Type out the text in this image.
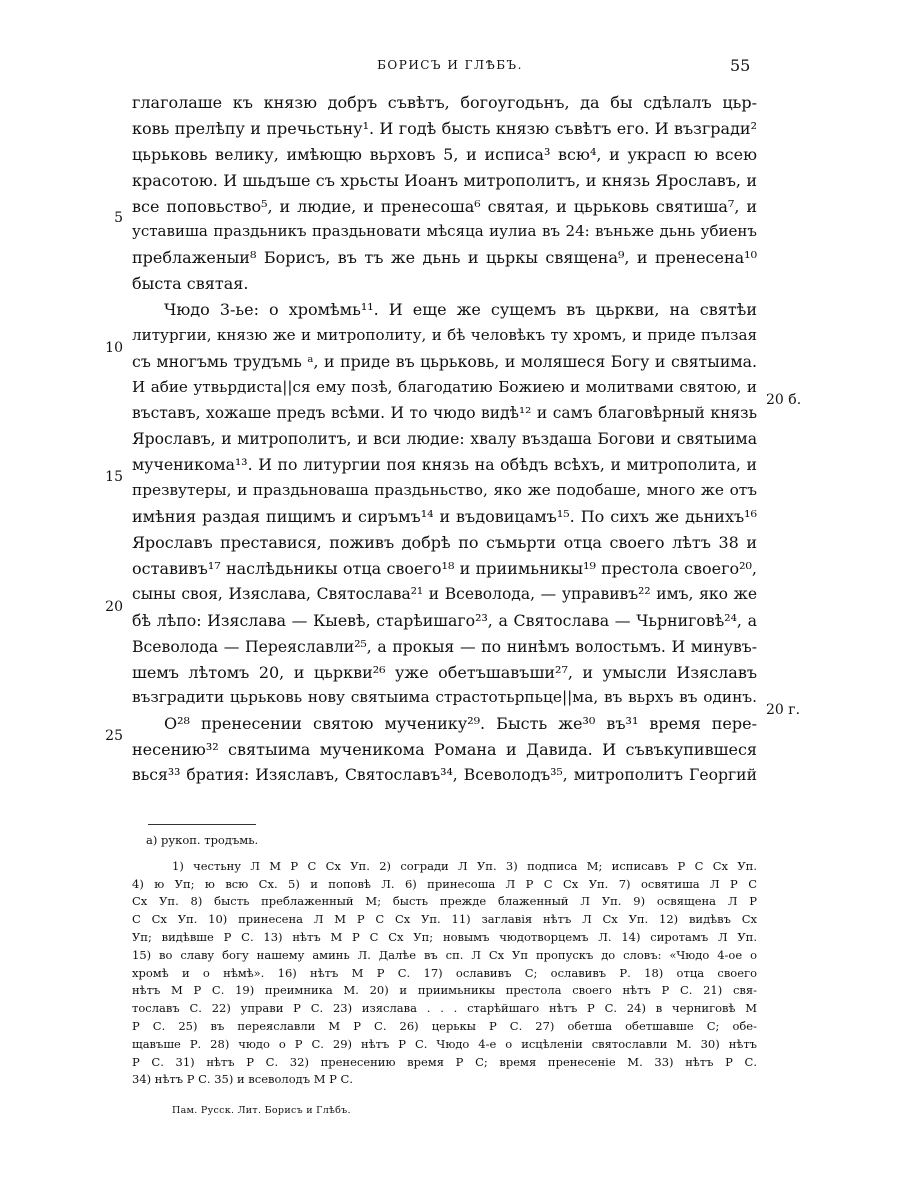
БОРИСЪ И ГЛѢБЪ.	55
глаголаше къ князю добръ съвѣтъ, богоугодьнъ, да бы сдѣлалъ цьр-
ковь прелѣпу и пречьстьну¹. И годѣ бысть князю съвѣтъ его. И възгради²
цьрьковь велику, имѣющю вьрховъ 5, и исписа³ всю⁴, и украсп ю всею
красотою. И шьдъше съ хрьсты Иоанъ митрополитъ, и князь Ярославъ, и
все поповьство⁵, и людие, и пренесоша⁶ святая, и цьрьковь святиша⁷, и
уставиша праздьникъ праздьновати мѣсяца иулиа въ 24: въньже дьнь убиенъ
преблаженыи⁸ Борисъ, въ тъ же дьнь и цьркы священа⁹, и пренесена¹⁰
быста святая.
Чюдо 3-ье: о хромѣмь¹¹. И еще же сущемъ въ цьркви, на святѣи
литургии, князю же и митрополиту, и бѣ человѣкъ ту хромъ, и приде пълзая
съ многъмь трудъмь ᵃ, и приде въ цьрьковь, и моляшеся Богу и святыима.
И абие утвьрдиста||ся ему позѣ, благодатию Божиею и молитвами святою, и
въставъ, хожаше предъ всѣми. И то чюдо видѣ¹² и самъ благовѣрный князь
Ярославъ, и митрополитъ, и вси людие: хвалу въздаша Богови и святыима
мученикома¹³. И по литургии поя князь на обѣдъ всѣхъ, и митрополита, и
презвутеры, и праздьноваша праздьньство, яко же подобаше, много же отъ
имѣния раздая пищимъ и сиръмъ¹⁴ и въдовицамъ¹⁵. По сихъ же дьнихъ¹⁶
Ярославъ преставися, поживъ добрѣ по съмьрти отца своего лѣтъ 38 и
оставивъ¹⁷ наслѣдьникы отца своего¹⁸ и приимьникы¹⁹ престола своего²⁰,
сыны своя, Изяслава, Святослава²¹ и Всеволода, — управивъ²² имъ, яко же
бѣ лѣпо: Изяслава — Кыевѣ, старѣишаго²³, а Святослава — Чьрниговѣ²⁴, а
Всеволода — Переяславли²⁵, а прокыя — по нинѣмъ волостьмъ. И минувъ-
шемъ лѣтомъ 20, и цьркви²⁶ уже обетъшавъши²⁷, и умысли Изяславъ
възградити цьрьковь нову святыима страстотьрпьце||ма, въ вьрхъ въ одинъ.
О²⁸ пренесении святою мученику²⁹. Бысть же³⁰ въ³¹ время пере-
несению³² святыима мученикома Романа и Давида. И съвъкупившеся
вься³³ братия: Изяславъ, Святославъ³⁴, Всеволодъ³⁵, митрополитъ Георгий
5
10
15
20
25
20 б.
20 г.
а) рукоп. тродъмь.
1) честьну Л М Р С Сх Уп. 2) согради Л Уп. 3) подписа М; исписавъ Р С Сх Уп.
4) ю Уп; ю всю Сх. 5) и поповѣ Л. 6) принесоша Л Р С Сх Уп. 7) освятиша Л Р С
Сх Уп. 8) бысть преблаженный М; бысть прежде блаженный Л Уп. 9) освящена Л Р
С Сх Уп. 10) принесена Л М Р С Сх Уп. 11) заглавія нѣтъ Л Сх Уп. 12) видѣвъ Сх
Уп; видѣвше Р С. 13) нѣтъ М Р С Сх Уп; новымъ чюдотворцемъ Л. 14) сиротамъ Л Уп.
15) во славу богу нашему аминь Л. Далѣе въ сп. Л Сх Уп пропускъ до словъ: «Чюдо 4-ое о
хромѣ и о нѣмѣ». 16) нѣтъ М Р С. 17) ославивъ С; ославивъ Р. 18) отца своего
нѣтъ М Р С. 19) преимника М. 20) и приимьникы престола своего нѣтъ Р С. 21) свя-
тославъ С. 22) управи Р С. 23) изяслава . . . старѣйшаго нѣтъ Р С. 24) в черниговѣ М
Р С. 25) въ переяславли М Р С. 26) церькы Р С. 27) обетша обетшавше С; обе-
щавъше Р. 28) чюдо о Р С. 29) нѣтъ Р С. Чюдо 4-е о исцѣленіи святославли М. 30) нѣтъ
Р С. 31) нѣтъ Р С. 32) пренесению время Р С; время пренесеніе М. 33) нѣтъ Р С.
34) нѣтъ Р С. 35) и всеволодъ М Р С.
Пам. Русск. Лит. Борисъ и Глѣбъ.
